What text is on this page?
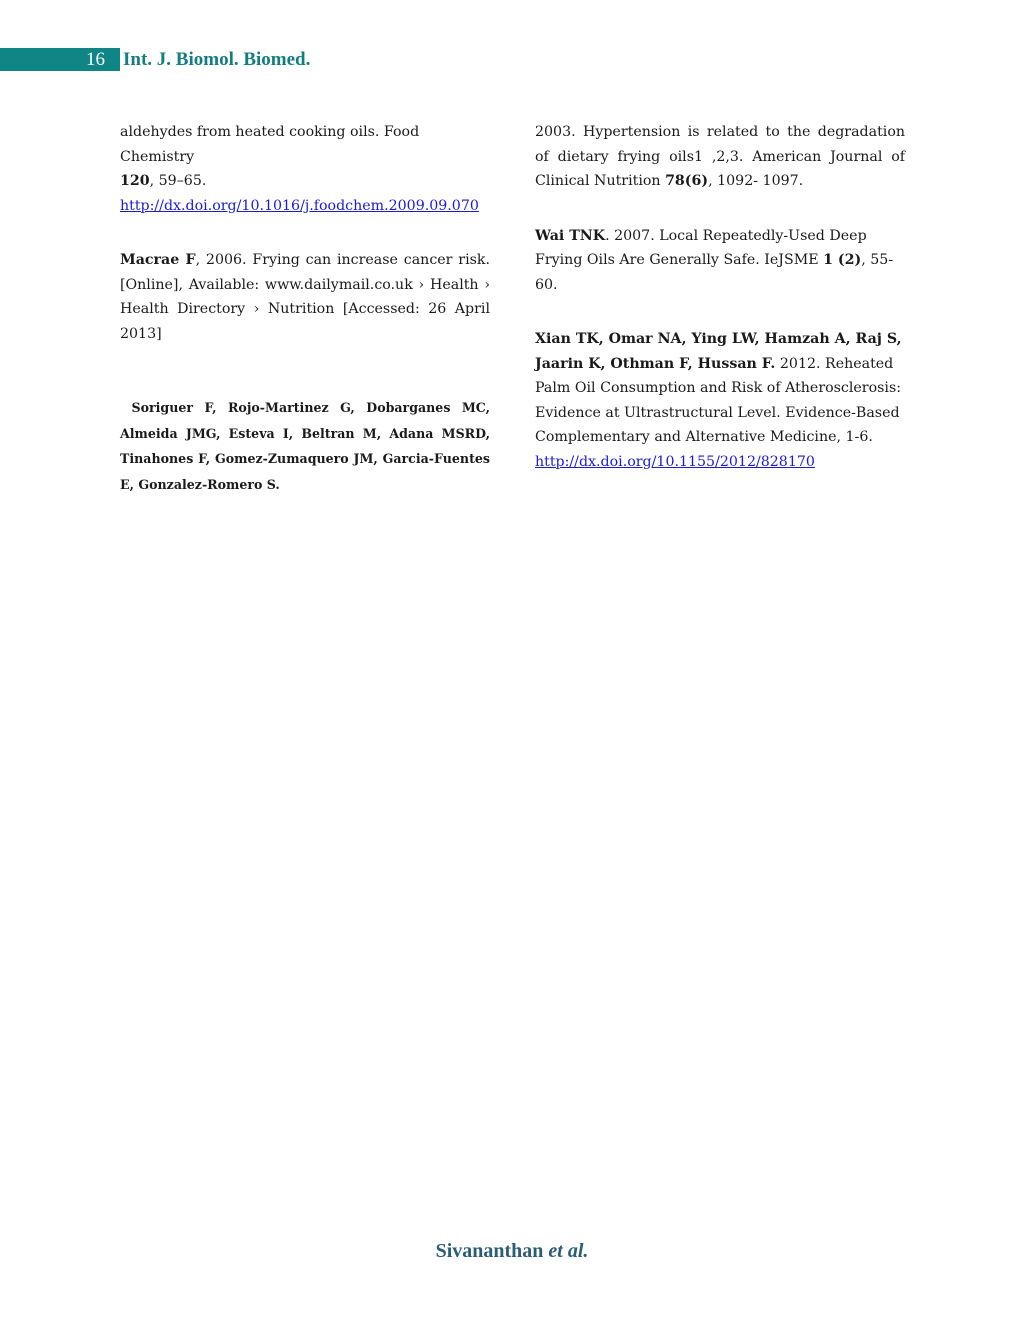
16 Int. J. Biomol. Biomed.

aldehydes from heated cooking oils. Food Chemistry
120, 59–65.
http://dx.doi.org/10.1016/j.foodchem.2009.09.070

Macrae F, 2006. Frying can increase cancer risk. [Online], Available: www.dailymail.co.uk › Health › Health Directory › Nutrition [Accessed: 26 April 2013]

Soriguer F, Rojo-Martinez G, Dobarganes MC, Almeida JMG, Esteva I, Beltran M, Adana MSRD, Tinahones F, Gomez-Zumaquero JM, Garcia-Fuentes E, Gonzalez-Romero S.

2003. Hypertension is related to the degradation of dietary frying oils1 ,2,3. American Journal of Clinical Nutrition 78(6), 1092- 1097.

Wai TNK. 2007. Local Repeatedly-Used Deep Frying Oils Are Generally Safe. IeJSME 1 (2), 55- 60.

Xian TK, Omar NA, Ying LW, Hamzah A, Raj S, Jaarin K, Othman F, Hussan F. 2012. Reheated Palm Oil Consumption and Risk of Atherosclerosis: Evidence at Ultrastructural Level. Evidence-Based Complementary and Alternative Medicine, 1-6.
http://dx.doi.org/10.1155/2012/828170

Sivananthan et al.
